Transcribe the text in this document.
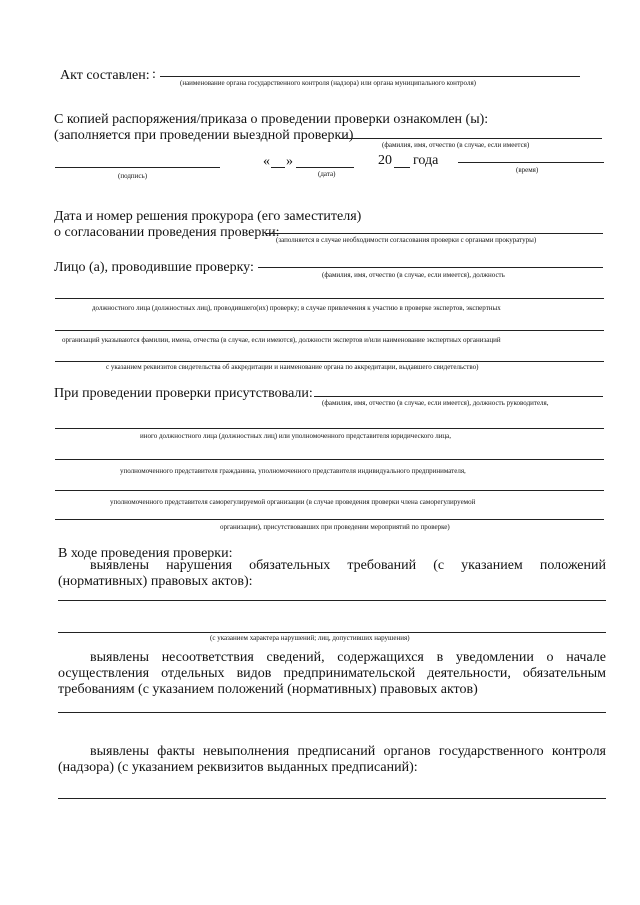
Акт составлен: :
(наименование органа государственного контроля (надзора) или органа муниципального контроля)
С копией распоряжения/приказа о проведении проверки ознакомлен (ы):
(заполняется при проведении выездной проверки)
(фамилия, имя, отчество (в случае, если имеется)
« »	20 года
(подпись)	(дата)	(время)
Дата и номер решения прокурора (его заместителя)
о согласовании проведения проверки:
(заполняется в случае необходимости согласования проверки с органами прокуратуры)
Лицо (а), проводившие проверку:	(фамилия, имя, отчество (в случае, если имеется), должность
должностного лица (должностных лиц), проводившего(их) проверку; в случае привлечения к участию в проверке экспертов, экспертных
организаций указываются фамилии, имена, отчества (в случае, если имеются), должности экспертов и/или наименование экспертных организаций
с указанием реквизитов свидетельства об аккредитации и наименование органа по аккредитации, выдавшего свидетельство)
При проведении проверки присутствовали:
(фамилия, имя, отчество (в случае, если имеется), должность руководителя,
иного должностного лица (должностных лиц) или уполномоченного представителя юридического лица,
уполномоченного представителя гражданина, уполномоченного представителя индивидуального предпринимателя,
уполномоченного представителя саморегулируемой организации (в случае проведения проверки члена саморегулируемой
организации), присутствовавших при проведении мероприятий по проверке)
В ходе проведения проверки:
выявлены нарушения обязательных требований (с указанием положений (нормативных) правовых актов):
(с указанием характера нарушений; лиц, допустивших нарушения)
выявлены несоответствия сведений, содержащихся в уведомлении о начале осуществления отдельных видов предпринимательской деятельности, обязательным требованиям (с указанием положений (нормативных) правовых актов)
выявлены факты невыполнения предписаний органов государственного контроля (надзора) (с указанием реквизитов выданных предписаний):
